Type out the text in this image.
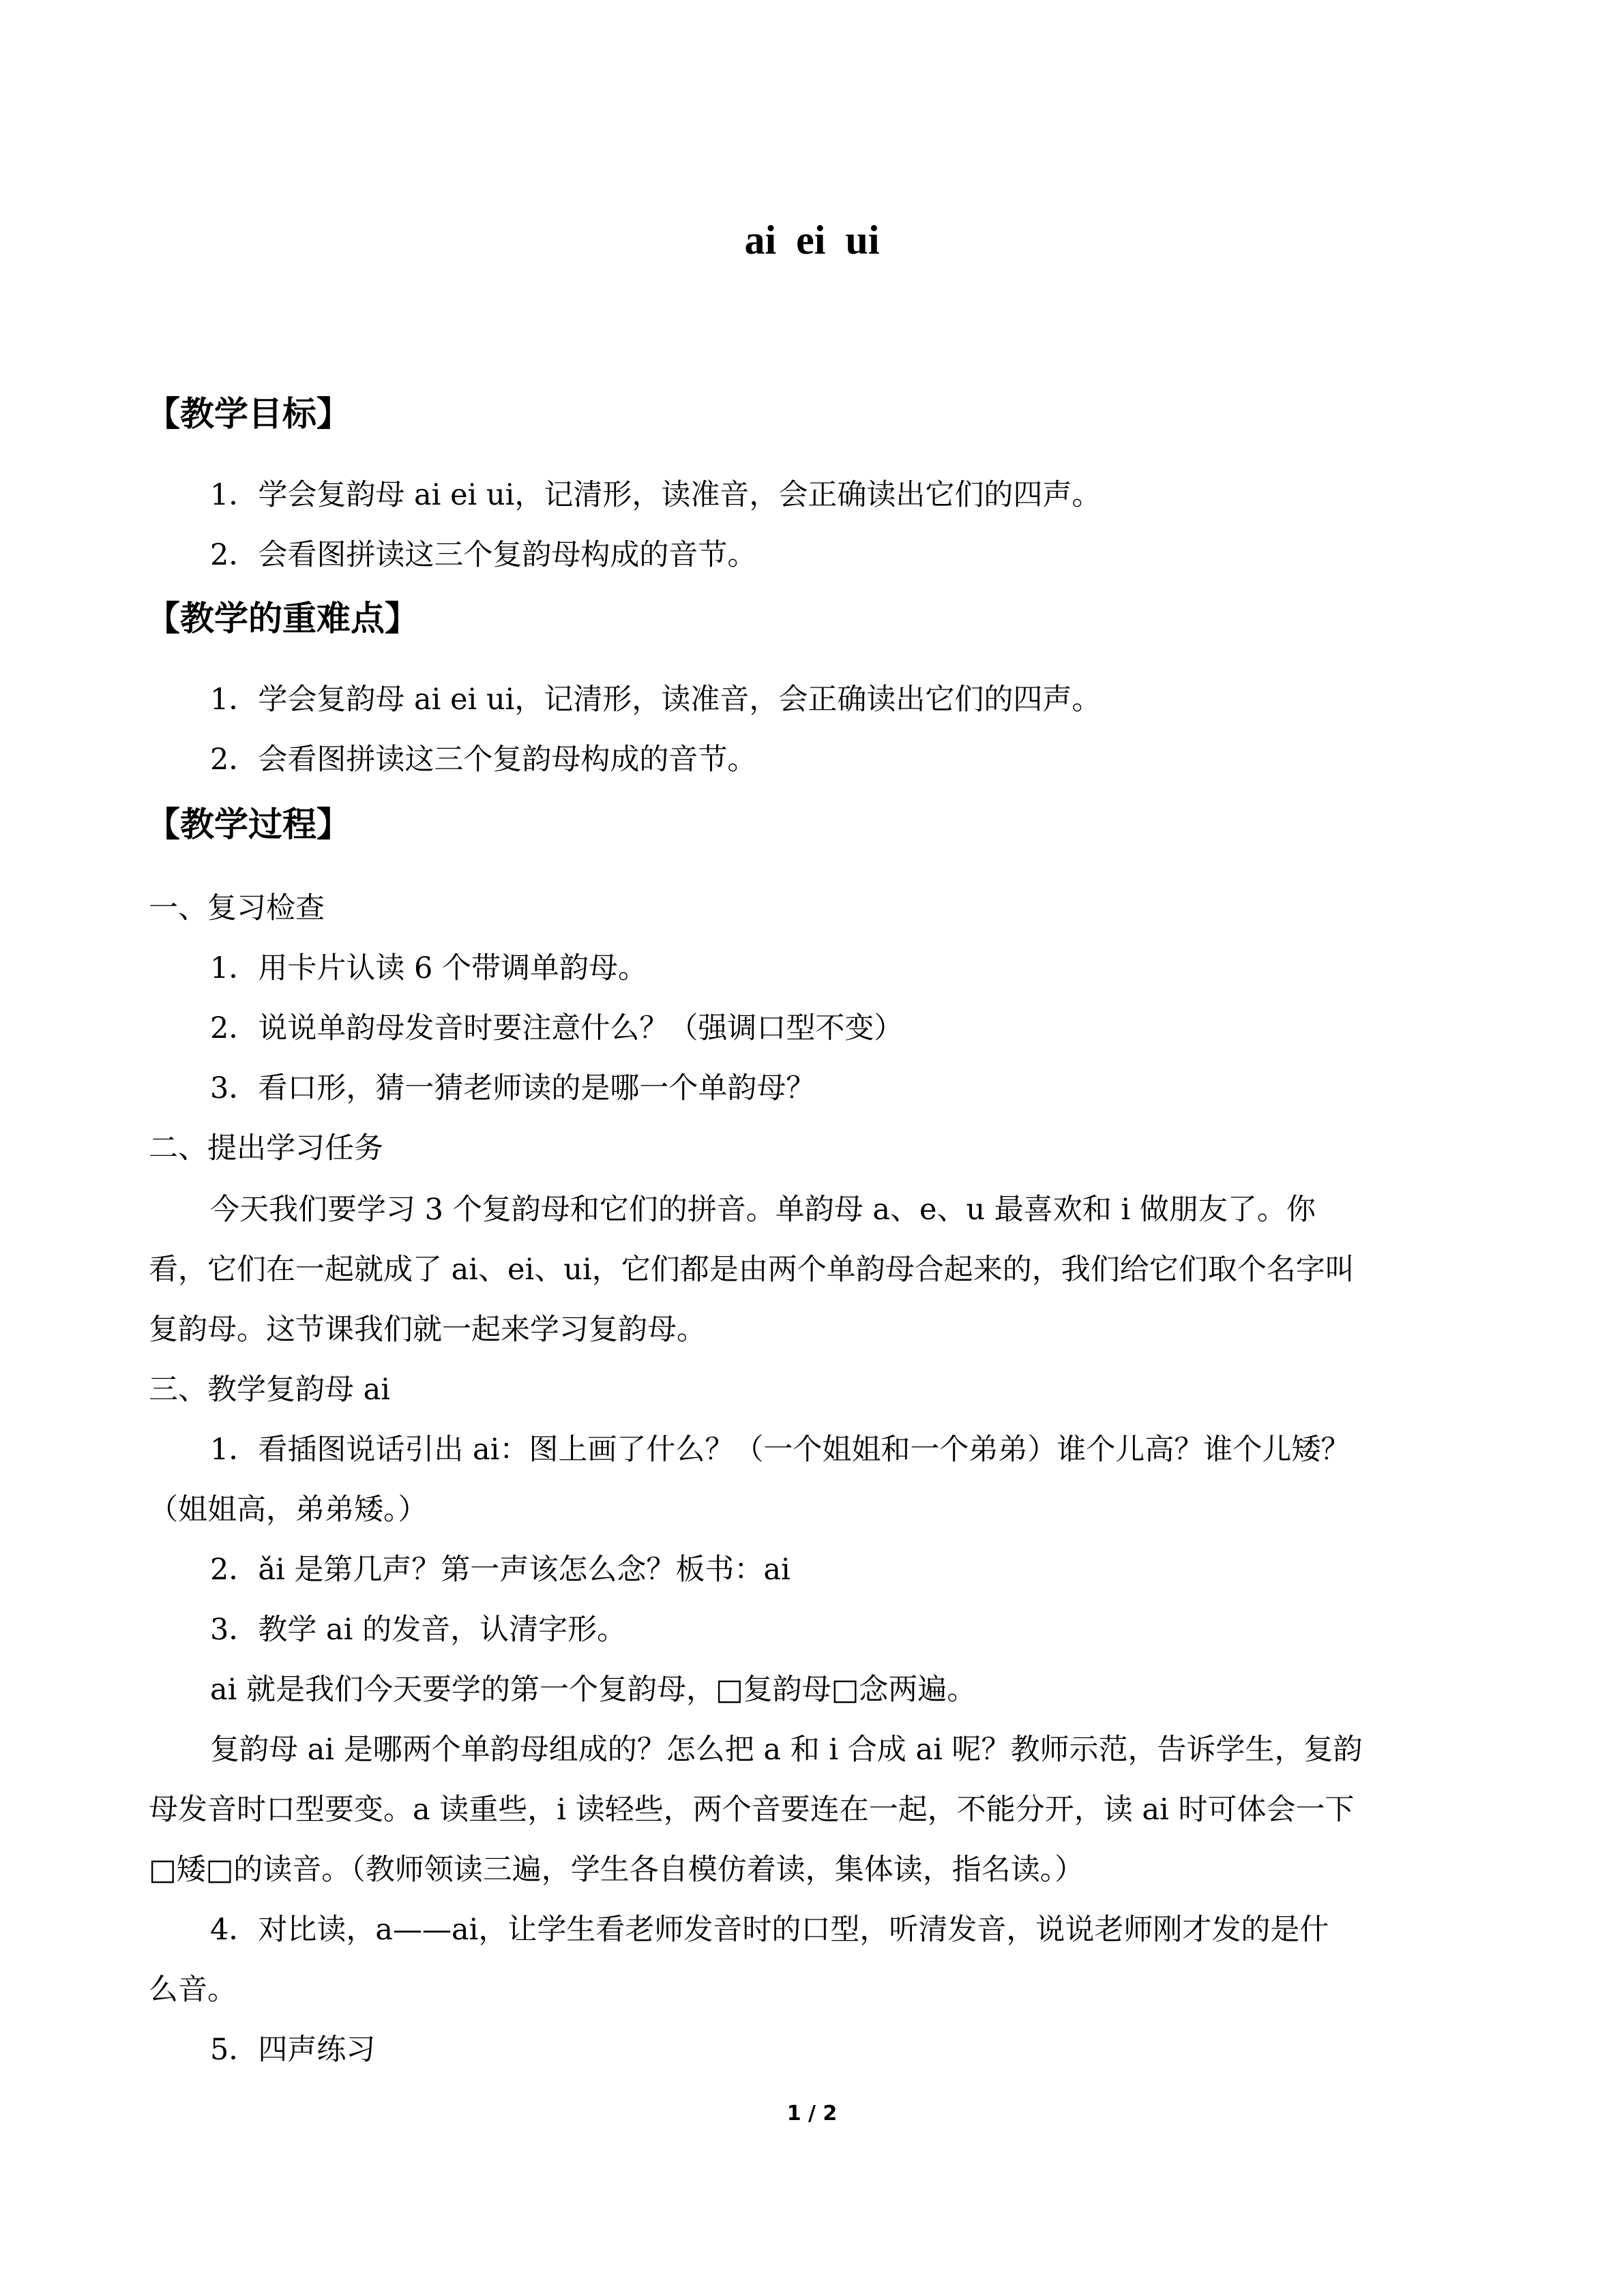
ai ei ui
【教学目标】
1．学会复韵母 ai ei ui，记清形，读准音，会正确读出它们的四声。
2．会看图拼读这三个复韵母构成的音节。
【教学的重难点】
1．学会复韵母 ai ei ui，记清形，读准音，会正确读出它们的四声。
2．会看图拼读这三个复韵母构成的音节。
【教学过程】
一、复习检查
1．用卡片认读 6 个带调单韵母。
2．说说单韵母发音时要注意什么？（强调口型不变）
3．看口形，猜一猜老师读的是哪一个单韵母？
二、提出学习任务
今天我们要学习 3 个复韵母和它们的拼音。单韵母 a、e、u 最喜欢和 i 做朋友了。你
看，它们在一起就成了 ai、ei、ui，它们都是由两个单韵母合起来的，我们给它们取个名字叫
复韵母。这节课我们就一起来学习复韵母。
三、教学复韵母 ai
1．看插图说话引出 ai：图上画了什么？（一个姐姐和一个弟弟）谁个儿高？谁个儿矮？
（姐姐高，弟弟矮。）
2．ǎi 是第几声？第一声该怎么念？板书：ai
3．教学 ai 的发音，认清字形。
ai 就是我们今天要学的第一个复韵母，□复韵母□念两遍。
复韵母 ai 是哪两个单韵母组成的？怎么把 a 和 i 合成 ai 呢？教师示范，告诉学生，复韵
母发音时口型要变。a 读重些，i 读轻些，两个音要连在一起，不能分开，读 ai 时可体会一下
□矮□的读音。（教师领读三遍，学生各自模仿着读，集体读，指名读。）
4．对比读，a——ai，让学生看老师发音时的口型，听清发音，说说老师刚才发的是什
么音。
5．四声练习
1 / 2
